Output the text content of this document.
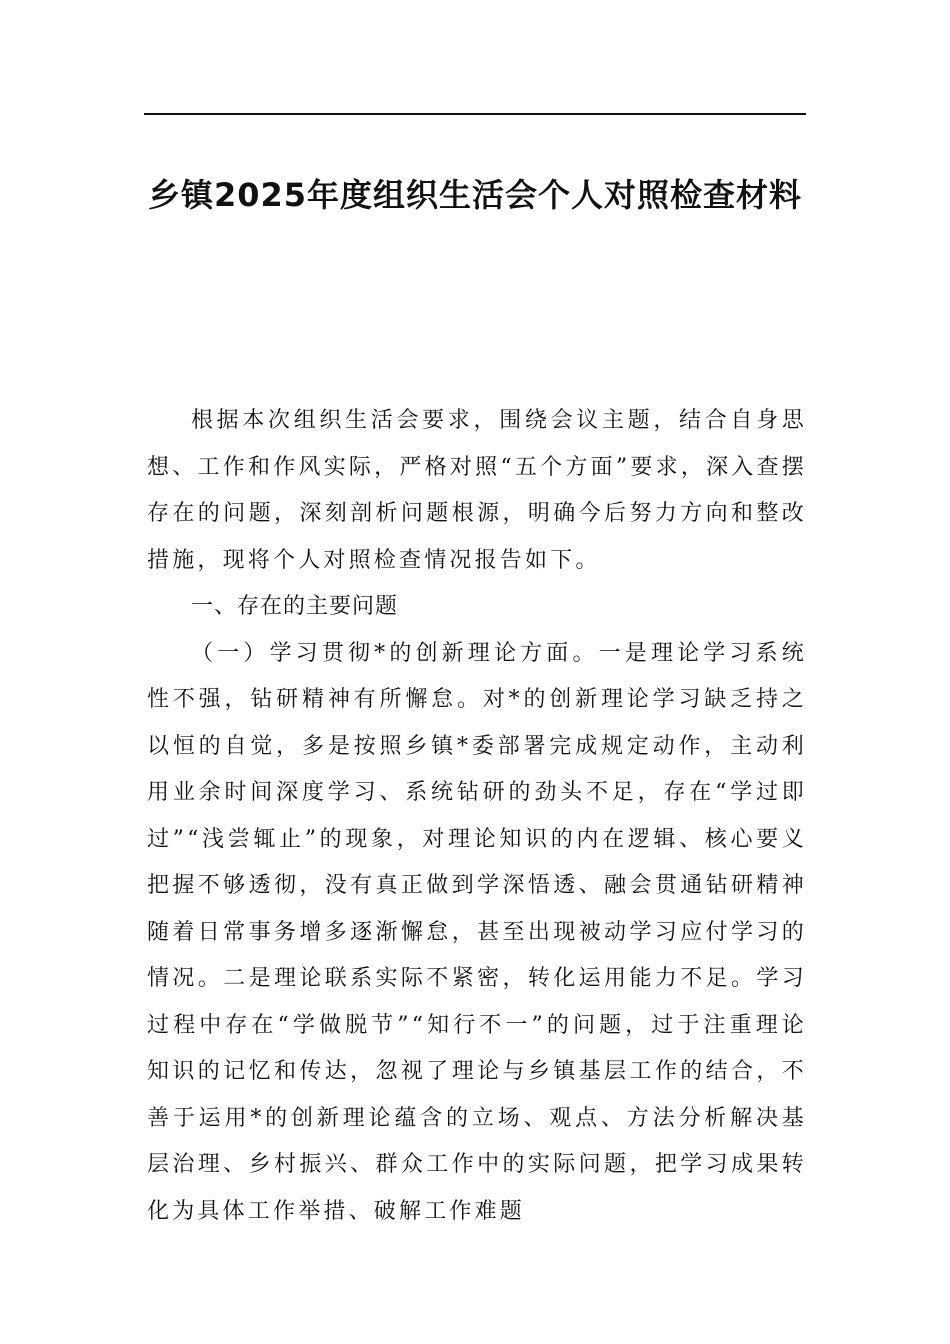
乡镇2025年度组织生活会个人对照检查材料

根据本次组织生活会要求，围绕会议主题，结合自身思想、工作和作风实际，严格对照“五个方面”要求，深入查摆存在的问题，深刻剖析问题根源，明确今后努力方向和整改措施，现将个人对照检查情况报告如下。

一、存在的主要问题

（一）学习贯彻*的创新理论方面。一是理论学习系统性不强，钻研精神有所懈怠。对*的创新理论学习缺乏持之以恒的自觉，多是按照乡镇*委部署完成规定动作，主动利用业余时间深度学习、系统钻研的劲头不足，存在“学过即过”“浅尝辄止”的现象，对理论知识的内在逻辑、核心要义把握不够透彻，没有真正做到学深悟透、融会贯通钻研精神随着日常事务增多逐渐懈怠，甚至出现被动学习应付学习的情况。二是理论联系实际不紧密，转化运用能力不足。学习过程中存在“学做脱节”“知行不一”的问题，过于注重理论知识的记忆和传达，忽视了理论与乡镇基层工作的结合，不善于运用*的创新理论蕴含的立场、观点、方法分析解决基层治理、乡村振兴、群众工作中的实际问题，把学习成果转化为具体工作举措、破解工作难题
